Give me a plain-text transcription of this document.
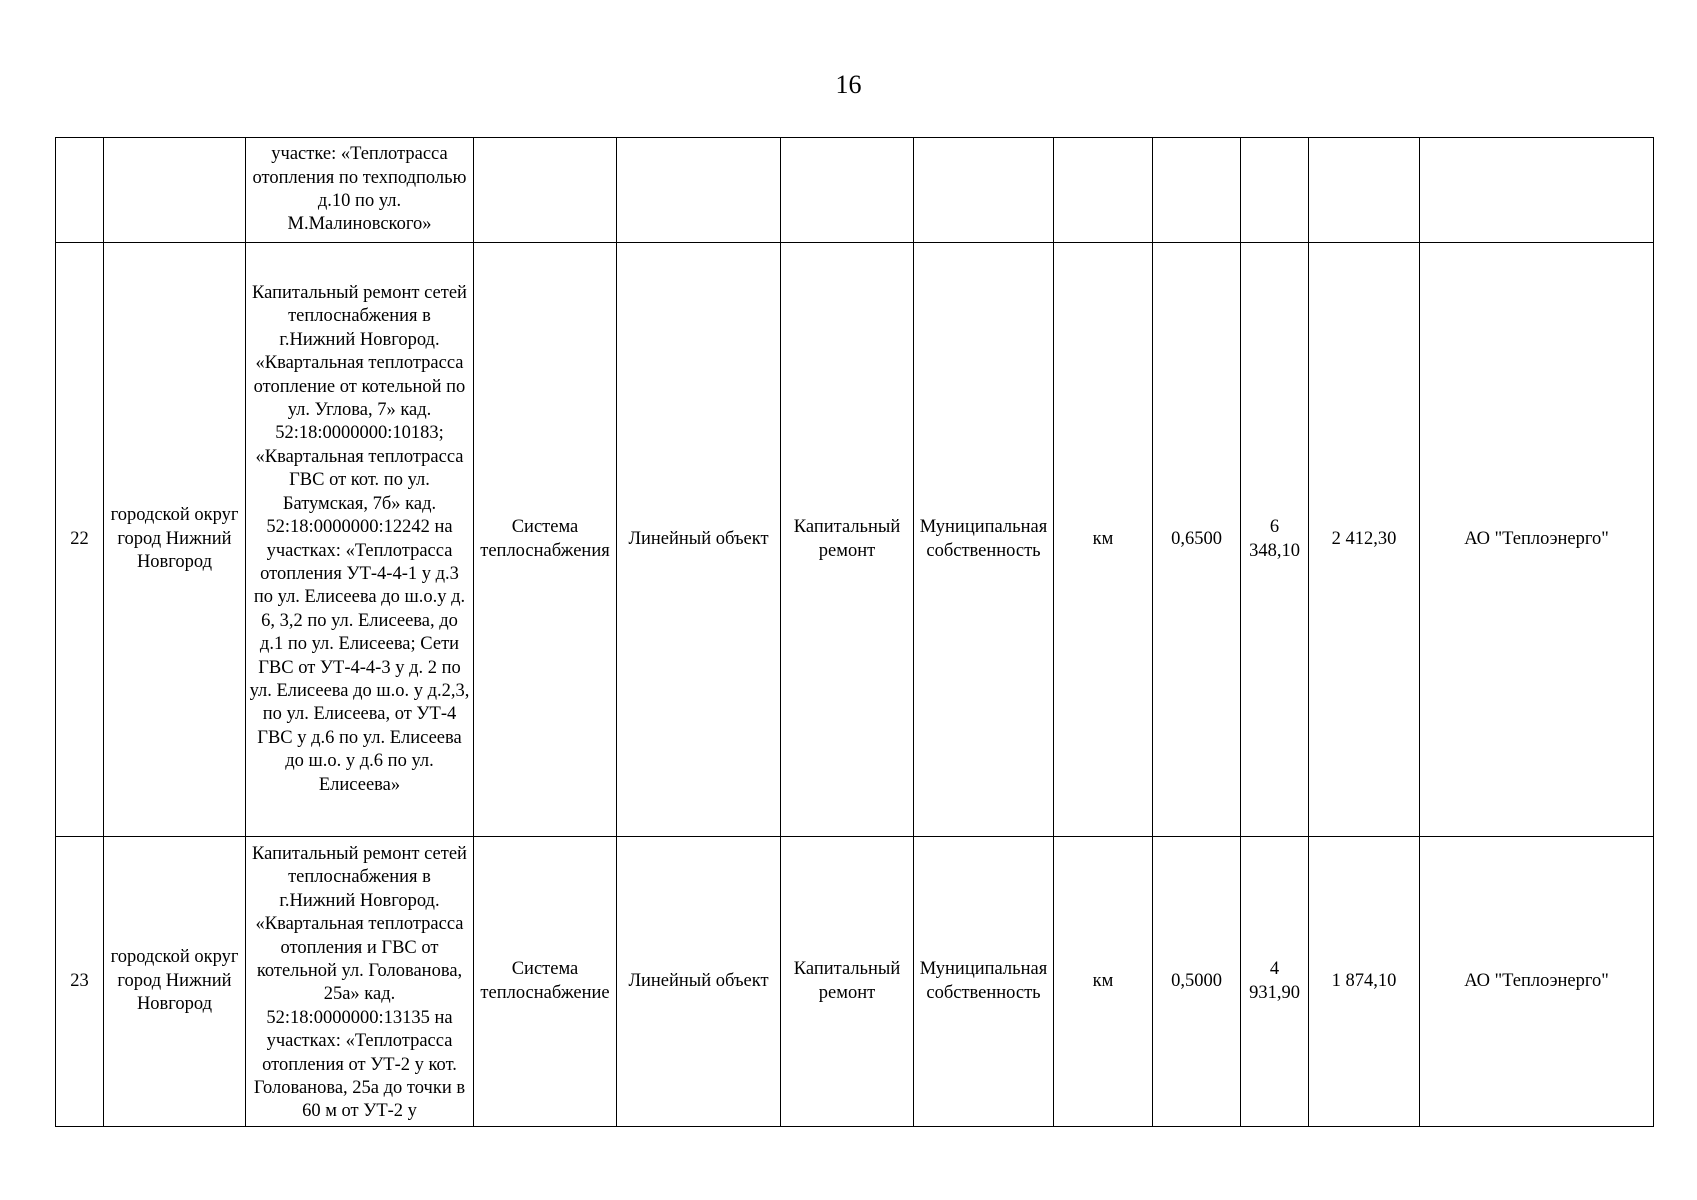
16
		участке: «Теплотрасса отопления по техподполью д.10 по ул. М.Малиновского»									
22	городской округ город Нижний Новгород	Капитальный ремонт сетей теплоснабжения в г.Нижний Новгород. «Квартальная теплотрасса отопление от котельной по ул. Углова, 7» кад. 52:18:0000000:10183; «Квартальная теплотрасса ГВС от кот. по ул. Батумская, 7б» кад. 52:18:0000000:12242 на участках: «Теплотрасса отопления УТ-4-4-1 у д.3 по ул. Елисеева до ш.о.у д. 6, 3,2 по ул. Елисеева, до д.1 по ул. Елисеева; Сети ГВС от УТ-4-4-3 у д. 2 по ул. Елисеева до ш.о. у д.2,3, по ул. Елисеева, от УТ-4 ГВС у д.6 по ул. Елисеева до ш.о. у д.6 по ул. Елисеева»	Система теплоснабжения	Линейный объект	Капитальный ремонт	Муниципальная собственность	км	0,6500	6 348,10	2 412,30	АО "Теплоэнерго"
23	городской округ город Нижний Новгород	Капитальный ремонт сетей теплоснабжения в г.Нижний Новгород. «Квартальная теплотрасса отопления и ГВС от котельной ул. Голованова, 25а» кад. 52:18:0000000:13135 на участках: «Теплотрасса отопления от УТ-2 у кот. Голованова, 25а до точки в 60 м от УТ-2 у	Система теплоснабжение	Линейный объект	Капитальный ремонт	Муниципальная собственность	км	0,5000	4 931,90	1 874,10	АО "Теплоэнерго"
